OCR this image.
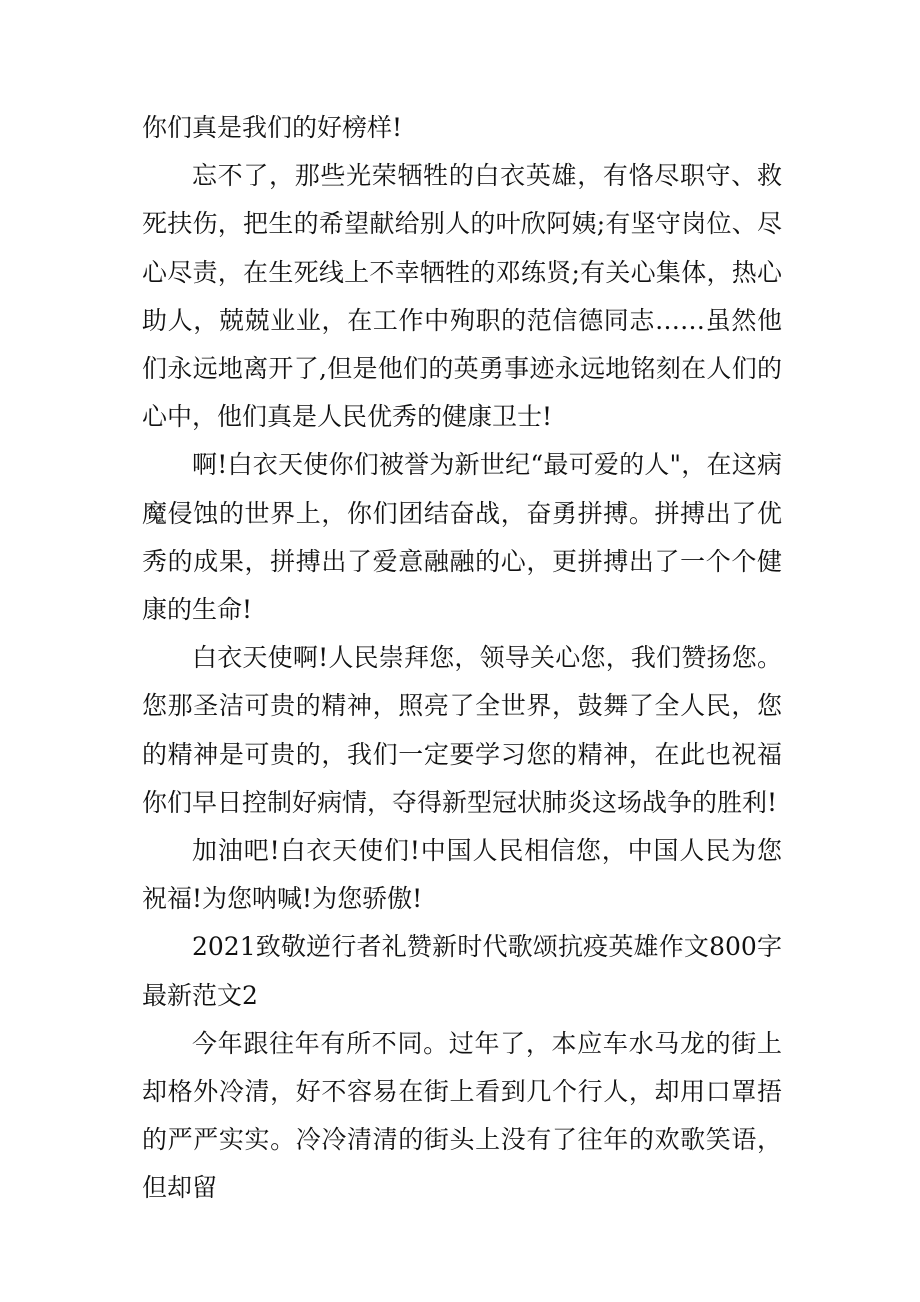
你们真是我们的好榜样!

忘不了，那些光荣牺牲的白衣英雄，有恪尽职守、救死扶伤，把生的希望献给别人的叶欣阿姨;有坚守岗位、尽心尽责，在生死线上不幸牺牲的邓练贤;有关心集体，热心助人，兢兢业业，在工作中殉职的范信德同志……虽然他们永远地离开了,但是他们的英勇事迹永远地铭刻在人们的心中，他们真是人民优秀的健康卫士!

啊!白衣天使你们被誉为新世纪“最可爱的人"，在这病魔侵蚀的世界上，你们团结奋战，奋勇拼搏。拼搏出了优秀的成果，拼搏出了爱意融融的心，更拼搏出了一个个健康的生命!

白衣天使啊!人民崇拜您，领导关心您，我们赞扬您。您那圣洁可贵的精神，照亮了全世界，鼓舞了全人民，您的精神是可贵的，我们一定要学习您的精神，在此也祝福你们早日控制好病情，夺得新型冠状肺炎这场战争的胜利!

加油吧!白衣天使们!中国人民相信您，中国人民为您祝福!为您呐喊!为您骄傲!

2021致敬逆行者礼赞新时代歌颂抗疫英雄作文800字最新范文2

今年跟往年有所不同。过年了，本应车水马龙的街上却格外冷清，好不容易在街上看到几个行人，却用口罩捂的严严实实。冷冷清清的街头上没有了往年的欢歌笑语，但却留
